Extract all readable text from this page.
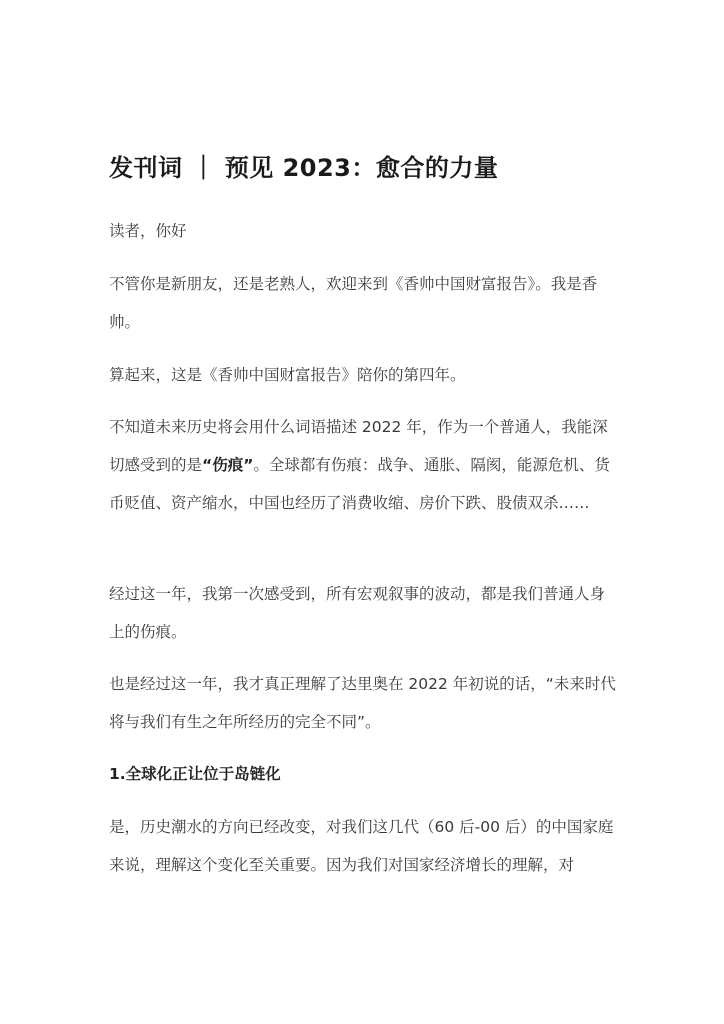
发刊词 ｜ 预见 2023：愈合的力量

读者，你好

不管你是新朋友，还是老熟人，欢迎来到《香帅中国财富报告》。我是香帅。

算起来，这是《香帅中国财富报告》陪你的第四年。

不知道未来历史将会用什么词语描述 2022 年，作为一个普通人，我能深切感受到的是“伤痕”。全球都有伤痕：战争、通胀、隔阂，能源危机、货币贬值、资产缩水，中国也经历了消费收缩、房价下跌、股债双杀……

经过这一年，我第一次感受到，所有宏观叙事的波动，都是我们普通人身上的伤痕。

也是经过这一年，我才真正理解了达里奥在 2022 年初说的话，“未来时代将与我们有生之年所经历的完全不同”。

1.全球化正让位于岛链化

是，历史潮水的方向已经改变，对我们这几代（60 后-00 后）的中国家庭来说，理解这个变化至关重要。因为我们对国家经济增长的理解，对
